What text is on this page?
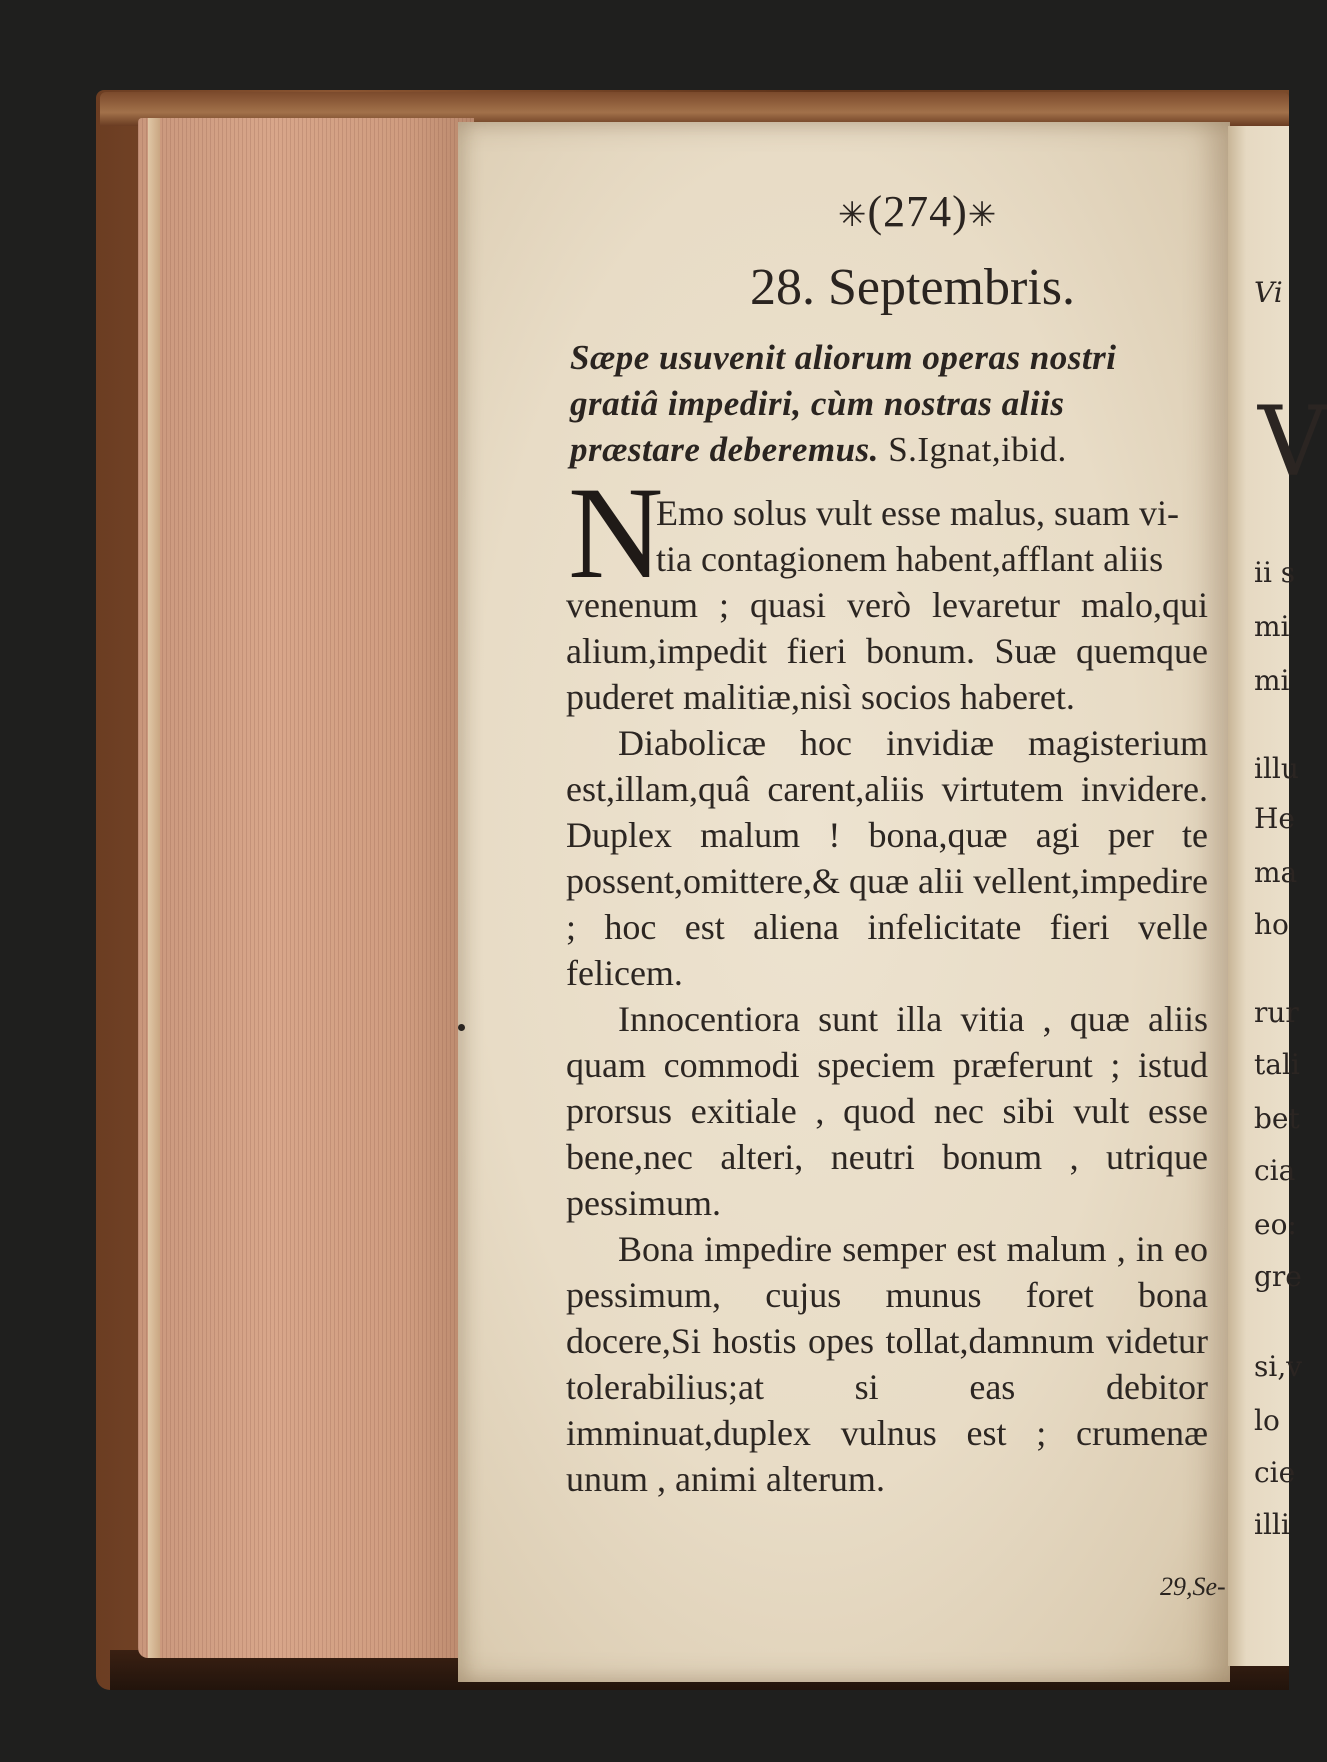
Vi
V
ii s
mi
mi
illu
He
ma
ho
rur
tali
bet
cia
eo:
gre
si,v
lo
cie
illi
✳(274)✳
28. Septembris.
Sæpe usuvenit aliorum operas nostri gratiâ impediri, cùm nostras aliis præstare deberemus. S.Ignat,ibid.
N

Emo solus vult esse malus, suam vi-

tia contagionem habent,afflant aliis

venenum ; quasi verò levaretur malo,qui alium,impedit fieri bonum. Suæ quemque puderet malitiæ,nisì socios haberet.

Diabolicæ hoc invidiæ magisterium est,illam,quâ carent,aliis virtutem invidere. Duplex malum ! bona,quæ agi per te possent,omittere,& quæ alii vellent,impedire ; hoc est aliena infelicitate fieri velle felicem.

Innocentiora sunt illa vitia , quæ aliis quam commodi speciem præferunt ; istud prorsus exitiale , quod nec sibi vult esse bene,nec alteri, neutri bonum , utrique pessimum.

Bona impedire semper est malum , in eo pessimum, cujus munus foret bona docere,Si hostis opes tollat,damnum videtur tolerabilius;at si eas debitor imminuat,duplex vulnus est ; crumenæ unum , animi alterum.

29,Se-
